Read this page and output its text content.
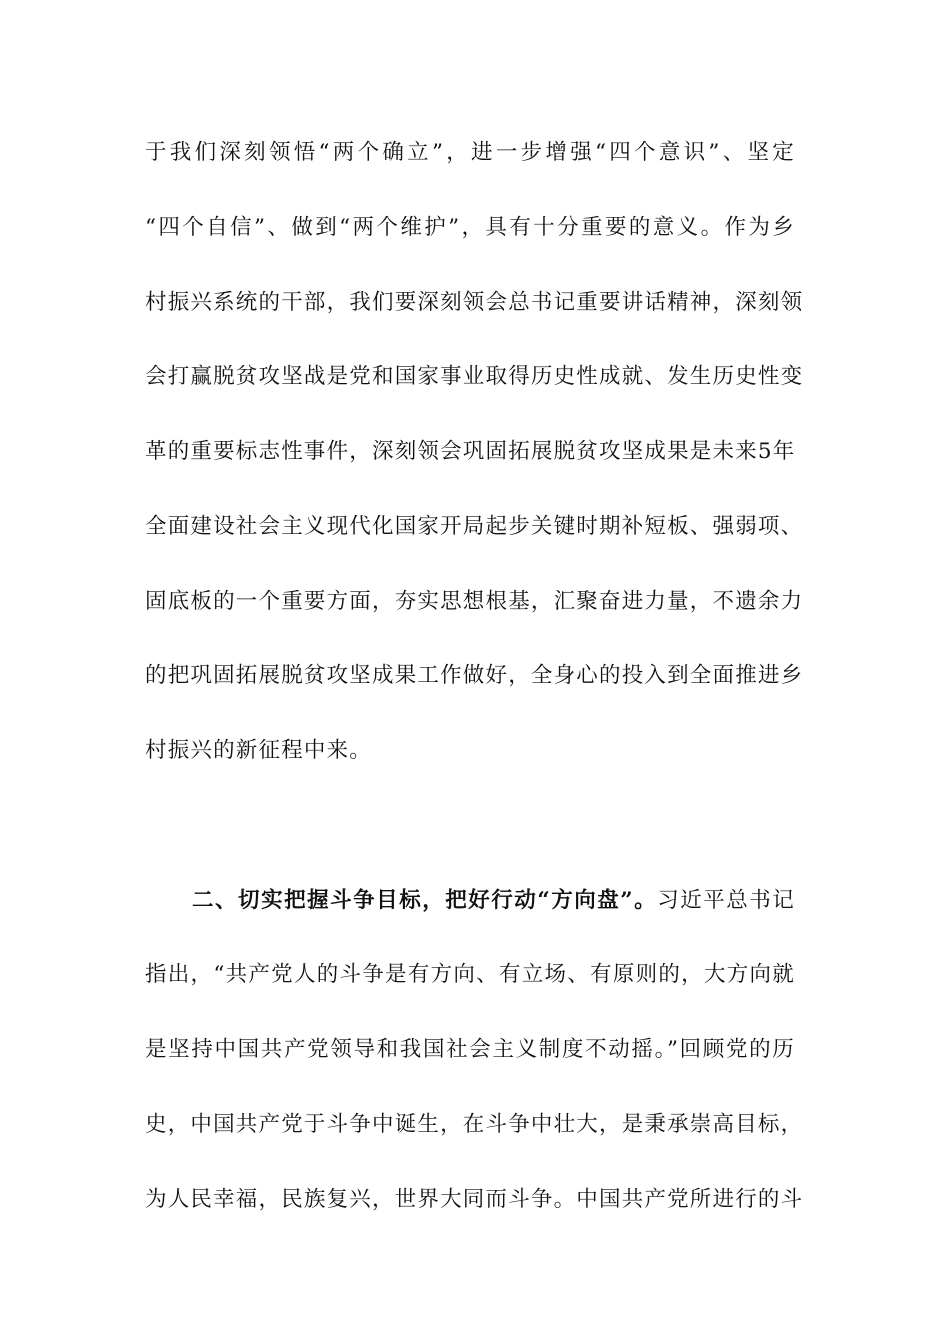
于我们深刻领悟“两个确立”，进一步增强“四个意识”、坚定
“四个自信”、做到“两个维护”，具有十分重要的意义。作为乡
村振兴系统的干部，我们要深刻领会总书记重要讲话精神，深刻领
会打赢脱贫攻坚战是党和国家事业取得历史性成就、发生历史性变
革的重要标志性事件，深刻领会巩固拓展脱贫攻坚成果是未来5年
全面建设社会主义现代化国家开局起步关键时期补短板、强弱项、
固底板的一个重要方面，夯实思想根基，汇聚奋进力量，不遗余力
的把巩固拓展脱贫攻坚成果工作做好，全身心的投入到全面推进乡
村振兴的新征程中来。
二、切实把握斗争目标，把好行动“方向盘”。习近平总书记
指出，“共产党人的斗争是有方向、有立场、有原则的，大方向就
是坚持中国共产党领导和我国社会主义制度不动摇。”回顾党的历
史，中国共产党于斗争中诞生，在斗争中壮大，是秉承崇高目标，
为人民幸福，民族复兴，世界大同而斗争。中国共产党所进行的斗
